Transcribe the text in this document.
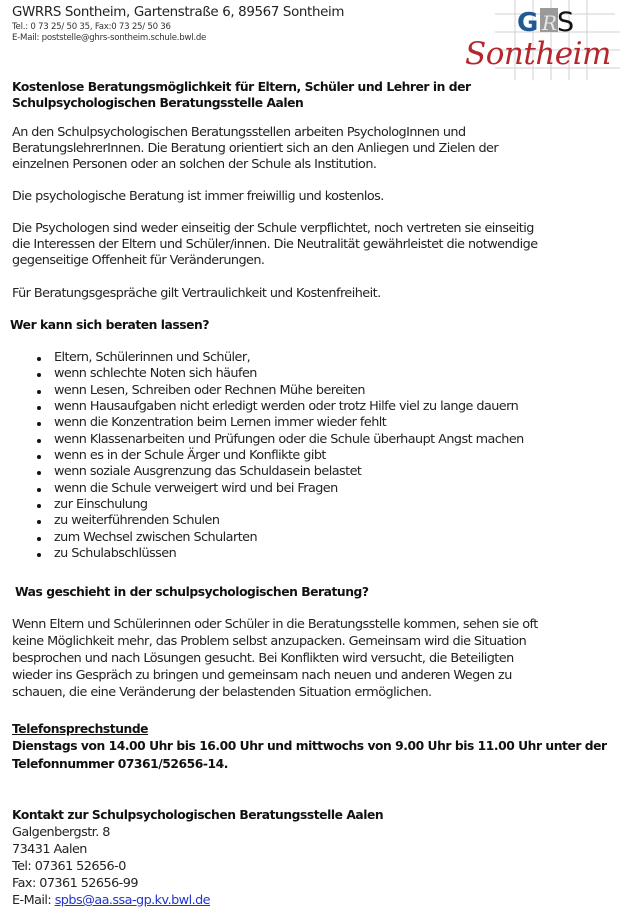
GWRRS Sontheim, Gartenstraße 6, 89567 Sontheim
Tel.: 0 73 25/ 50 35, Fax:0 73 25/ 50 36
E-Mail: poststelle@ghrs-sontheim.schule.bwl.de	G R S
Sontheim
Kostenlose Beratungsmöglichkeit für Eltern, Schüler und Lehrer in der
Schulpsychologischen Beratungsstelle Aalen
An den Schulpsychologischen Beratungsstellen arbeiten PsychologInnen und
BeratungslehrerInnen. Die Beratung orientiert sich an den Anliegen und Zielen der
einzelnen Personen oder an solchen der Schule als Institution.
Die psychologische Beratung ist immer freiwillig und kostenlos.
Die Psychologen sind weder einseitig der Schule verpflichtet, noch vertreten sie einseitig
die Interessen der Eltern und Schüler/innen. Die Neutralität gewährleistet die notwendige
gegenseitige Offenheit für Veränderungen.
Für Beratungsgespräche gilt Vertraulichkeit und Kostenfreiheit.
Wer kann sich beraten lassen?
Eltern, Schülerinnen und Schüler,
wenn schlechte Noten sich häufen
wenn Lesen, Schreiben oder Rechnen Mühe bereiten
wenn Hausaufgaben nicht erledigt werden oder trotz Hilfe viel zu lange dauern
wenn die Konzentration beim Lernen immer wieder fehlt
wenn Klassenarbeiten und Prüfungen oder die Schule überhaupt Angst machen
wenn es in der Schule Ärger und Konflikte gibt
wenn soziale Ausgrenzung das Schuldasein belastet
wenn die Schule verweigert wird und bei Fragen
zur Einschulung
zu weiterführenden Schulen
zum Wechsel zwischen Schularten
zu Schulabschlüssen
Was geschieht in der schulpsychologischen Beratung?
Wenn Eltern und Schülerinnen oder Schüler in die Beratungsstelle kommen, sehen sie oft
keine Möglichkeit mehr, das Problem selbst anzupacken. Gemeinsam wird die Situation
besprochen und nach Lösungen gesucht. Bei Konflikten wird versucht, die Beteiligten
wieder ins Gespräch zu bringen und gemeinsam nach neuen und anderen Wegen zu
schauen, die eine Veränderung der belastenden Situation ermöglichen.
Telefonsprechstunde
Dienstags von 14.00 Uhr bis 16.00 Uhr und mittwochs von 9.00 Uhr bis 11.00 Uhr unter der
Telefonnummer 07361/52656-14.
Kontakt zur Schulpsychologischen Beratungsstelle Aalen
Galgenbergstr. 8
73431 Aalen
Tel: 07361 52656-0
Fax: 07361 52656-99
E-Mail: spbs@aa.ssa-gp.kv.bwl.de
